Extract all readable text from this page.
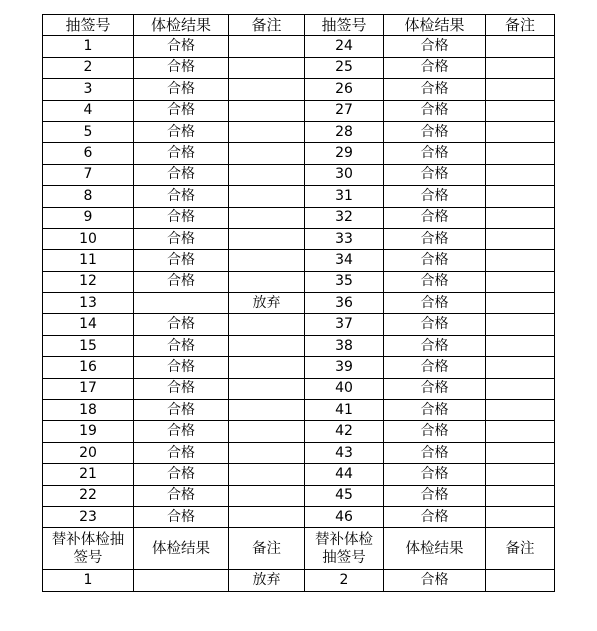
抽签号	体检结果	备注	抽签号	体检结果	备注
1	合格		24	合格	
2	合格		25	合格	
3	合格		26	合格	
4	合格		27	合格	
5	合格		28	合格	
6	合格		29	合格	
7	合格		30	合格	
8	合格		31	合格	
9	合格		32	合格	
10	合格		33	合格	
11	合格		34	合格	
12	合格		35	合格	
13		放弃	36	合格	
14	合格		37	合格	
15	合格		38	合格	
16	合格		39	合格	
17	合格		40	合格	
18	合格		41	合格	
19	合格		42	合格	
20	合格		43	合格	
21	合格		44	合格	
22	合格		45	合格	
23	合格		46	合格	

替补体检抽签号	体检结果	备注	替补体检抽签号	体检结果	备注

1		放弃	2	合格	
